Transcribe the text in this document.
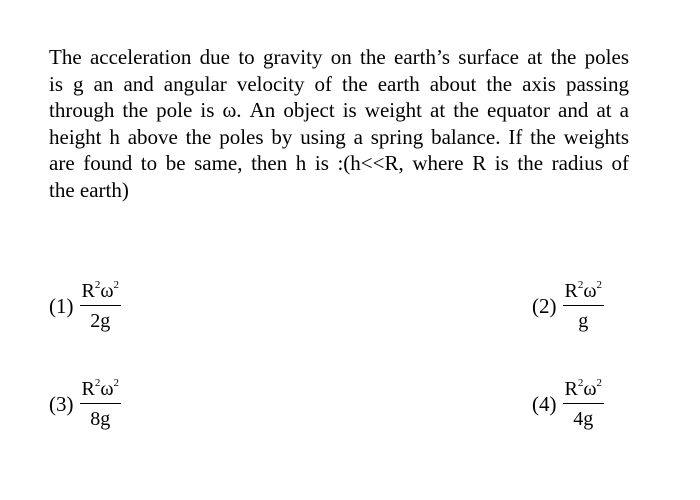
The acceleration due to gravity on the earth’s surface at the poles
is g an and angular velocity of the earth about the axis passing
through the pole is ω. An object is weight at the equator and at a
height h above the poles by using a spring balance. If the weights
are found to be same, then h is :(h<<R, where R is the radius of
the earth)
$(1) \frac{R^2\omega^2}{2g}$	$(2) \frac{R^2\omega^2}{g}$
$(3) \frac{R^2\omega^2}{8g}$	$(4) \frac{R^2\omega^2}{4g}$
